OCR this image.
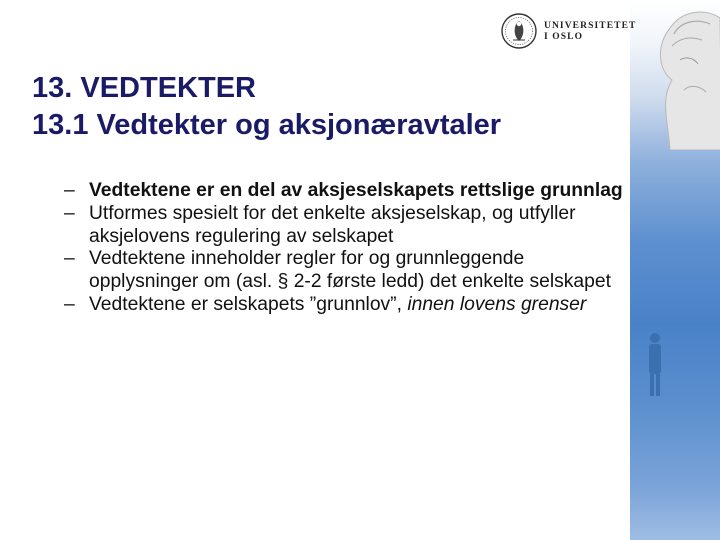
UNIVERSITETET
I OSLO
13. VEDTEKTER
13.1 Vedtekter og aksjonæravtaler
– Vedtektene er en del av aksjeselskapets rettslige grunnlag
– Utformes spesielt for det enkelte aksjeselskap, og utfyller aksjelovens regulering av selskapet
– Vedtektene inneholder regler for og grunnleggende opplysninger om (asl. § 2-2 første ledd) det enkelte selskapet
– Vedtektene er selskapets ”grunnlov”, innen lovens grenser
